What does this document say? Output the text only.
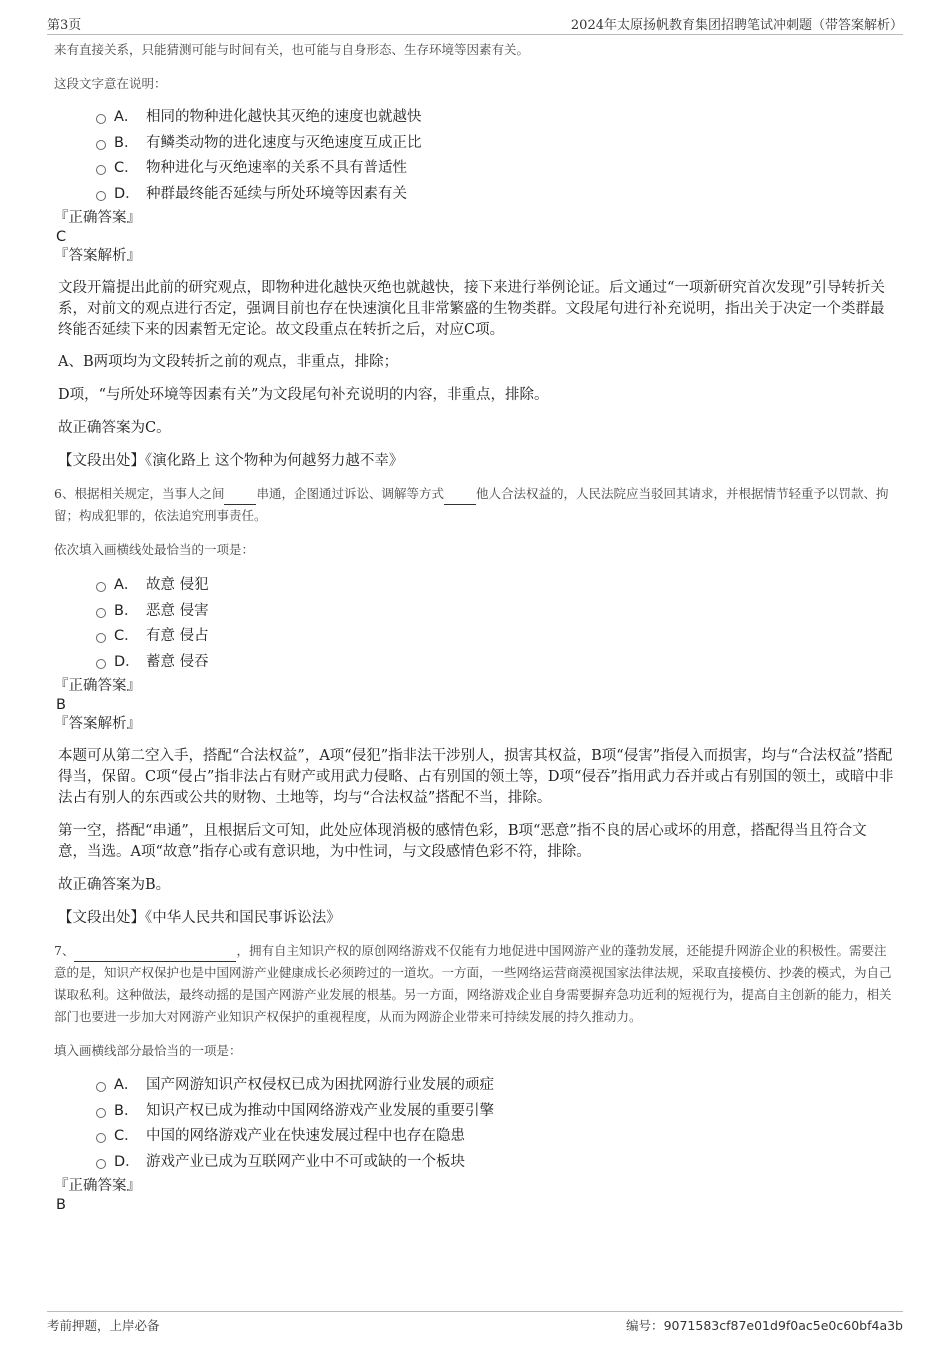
第3页	2024年太原扬帆教育集团招聘笔试冲刺题（带答案解析）

来有直接关系，只能猜测可能与时间有关，也可能与自身形态、生存环境等因素有关。

这段文字意在说明：

A． 相同的物种进化越快其灭绝的速度也就越快
B． 有鳞类动物的进化速度与灭绝速度互成正比
C． 物种进化与灭绝速率的关系不具有普适性
D． 种群最终能否延续与所处环境等因素有关

『正确答案』

C

『答案解析』

文段开篇提出此前的研究观点，即物种进化越快灭绝也就越快，接下来进行举例论证。后文通过“一项新研究首次发现”引导转折关系，对前文的观点进行否定，强调目前也存在快速演化且非常繁盛的生物类群。文段尾句进行补充说明，指出关于决定一个类群最终能否延续下来的因素暂无定论。故文段重点在转折之后，对应C项。

A、B两项均为文段转折之前的观点，非重点，排除；

D项，“与所处环境等因素有关”为文段尾句补充说明的内容，非重点，排除。

故正确答案为C。

【文段出处】《演化路上 这个物种为何越努力越不幸》

6、根据相关规定，当事人之间	串通，企图通过诉讼、调解等方式	他人合法权益的，人民法院应当驳回其请求，并根据情节轻重予以罚款、拘留；构成犯罪的，依法追究刑事责任。

依次填入画横线处最恰当的一项是：

A． 故意 侵犯
B． 恶意 侵害
C． 有意 侵占
D． 蓄意 侵吞

『正确答案』

B

『答案解析』

本题可从第二空入手，搭配“合法权益”，A项“侵犯”指非法干涉别人，损害其权益，B项“侵害”指侵入而损害，均与“合法权益”搭配得当，保留。C项“侵占”指非法占有财产或用武力侵略、占有别国的领土等，D项“侵吞”指用武力吞并或占有别国的领土，或暗中非法占有别人的东西或公共的财物、土地等，均与“合法权益”搭配不当，排除。

第一空，搭配“串通”，且根据后文可知，此处应体现消极的感情色彩，B项“恶意”指不良的居心或坏的用意，搭配得当且符合文意，当选。A项“故意”指存心或有意识地，为中性词，与文段感情色彩不符，排除。

故正确答案为B。

【文段出处】《中华人民共和国民事诉讼法》

7、	，拥有自主知识产权的原创网络游戏不仅能有力地促进中国网游产业的蓬勃发展，还能提升网游企业的积极性。需要注意的是，知识产权保护也是中国网游产业健康成长必须跨过的一道坎。一方面，一些网络运营商漠视国家法律法规，采取直接模仿、抄袭的模式，为自己谋取私利。这种做法，最终动摇的是国产网游产业发展的根基。另一方面，网络游戏企业自身需要摒弃急功近利的短视行为，提高自主创新的能力，相关部门也要进一步加大对网游产业知识产权保护的重视程度，从而为网游企业带来可持续发展的持久推动力。

填入画横线部分最恰当的一项是：

A． 国产网游知识产权侵权已成为困扰网游行业发展的顽症
B． 知识产权已成为推动中国网络游戏产业发展的重要引擎
C． 中国的网络游戏产业在快速发展过程中也存在隐患
D． 游戏产业已成为互联网产业中不可或缺的一个板块

『正确答案』

B

考前押题，上岸必备	编号：9071583cf87e01d9f0ac5e0c60bf4a3b
